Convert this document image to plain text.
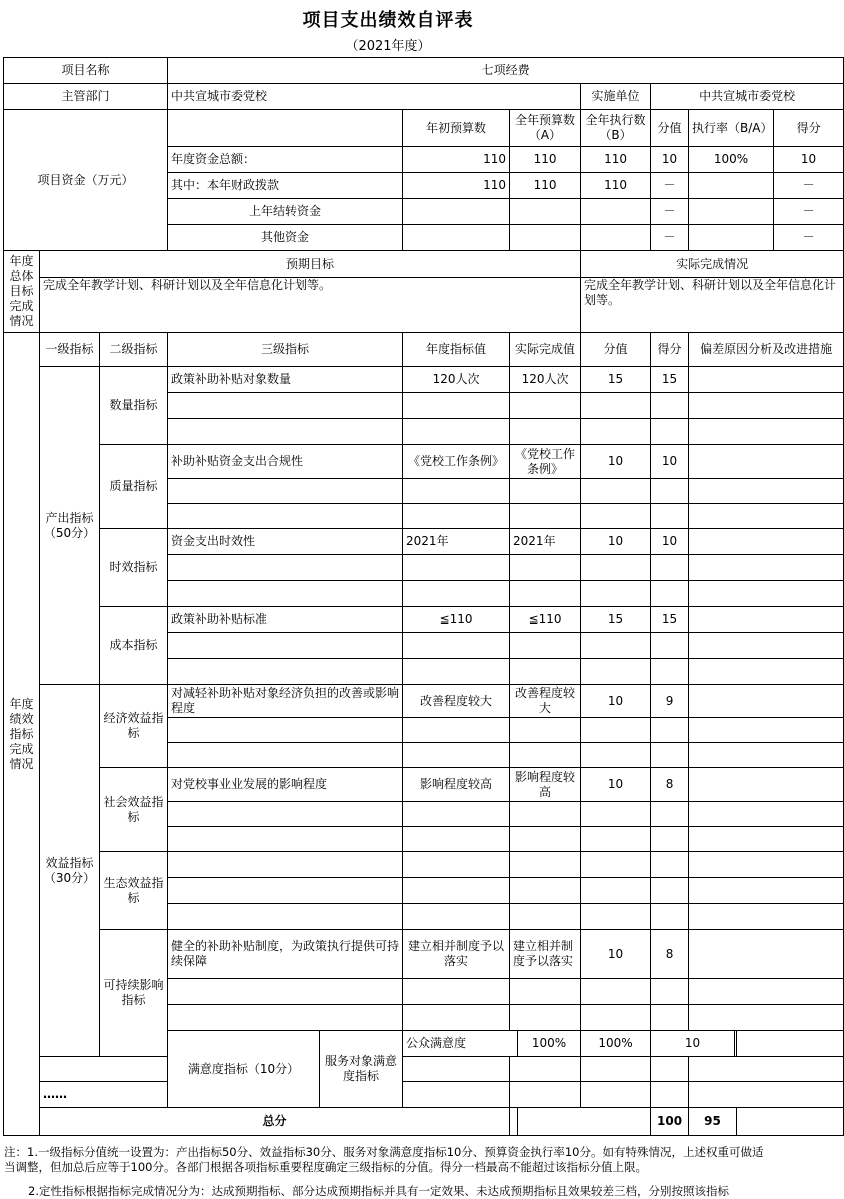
项目支出绩效自评表
（2021年度）
项目名称			七项经费										
主管部门			中共宣城市委党校					实施单位	中共宣城市委党校				
项目资金（万元）					年初预算数	全年预算数（A）		全年执行数（B）	分值	执行率（B/A）			得分
			年度资金总额：		110	110		110	10	100%			10
			其中：本年财政拨款		110	110		110	－				－
			上年结转资金						－				－
			其他资金						－				－
年度总体目标完成情况	预期目标							实际完成情况					
	完成全年教学计划、科研计划以及全年信息化计划等。							完成全年教学计划、科研计划以及全年信息化计划等。					
年度绩效指标完成情况	一级指标	二级指标	三级指标		年度指标值	实际完成值		分值	得分	偏差原因分析及改进措施			
	产出指标（50分）	数量指标	政策补助补贴对象数量		120人次	120人次		15	15				

		质量指标	补助补贴资金支出合规性		《党校工作条例》	《党校工作条例》		10	10				

		时效指标	资金支出时效性		2021年	2021年		10	10				

		成本指标	政策补助补贴标准		≦110	≦110		15	15				

	效益指标（30分）	经济效益指标	对减轻补助补贴对象经济负担的改善或影响程度		改善程度较大	改善程度较大		10	9				

		社会效益指标	对党校事业业发展的影响程度		影响程度较高	影响程度较高		10	8				

		生态效益指标											

		可持续影响指标	健全的补助补贴制度，为政策执行提供可持续保障		建立相并制度予以落实	建立相并制度予以落实		10	8				

			满意度指标（10分）	服务对象满意度指标	公众满意度		100%	100%	10		

	……												
	总分								100	95			
注：1.一级指标分值统一设置为：产出指标50分、效益指标30分、服务对象满意度指标10分、预算资金执行率10分。如有特殊情况，上述权重可做适当调整，但加总后应等于100分。各部门根据各项指标重要程度确定三级指标的分值。得分一档最高不能超过该指标分值上限。
2.定性指标根据指标完成情况分为：达成预期指标、部分达成预期指标并具有一定效果、未达成预期指标且效果较差三档，分别按照该指标
